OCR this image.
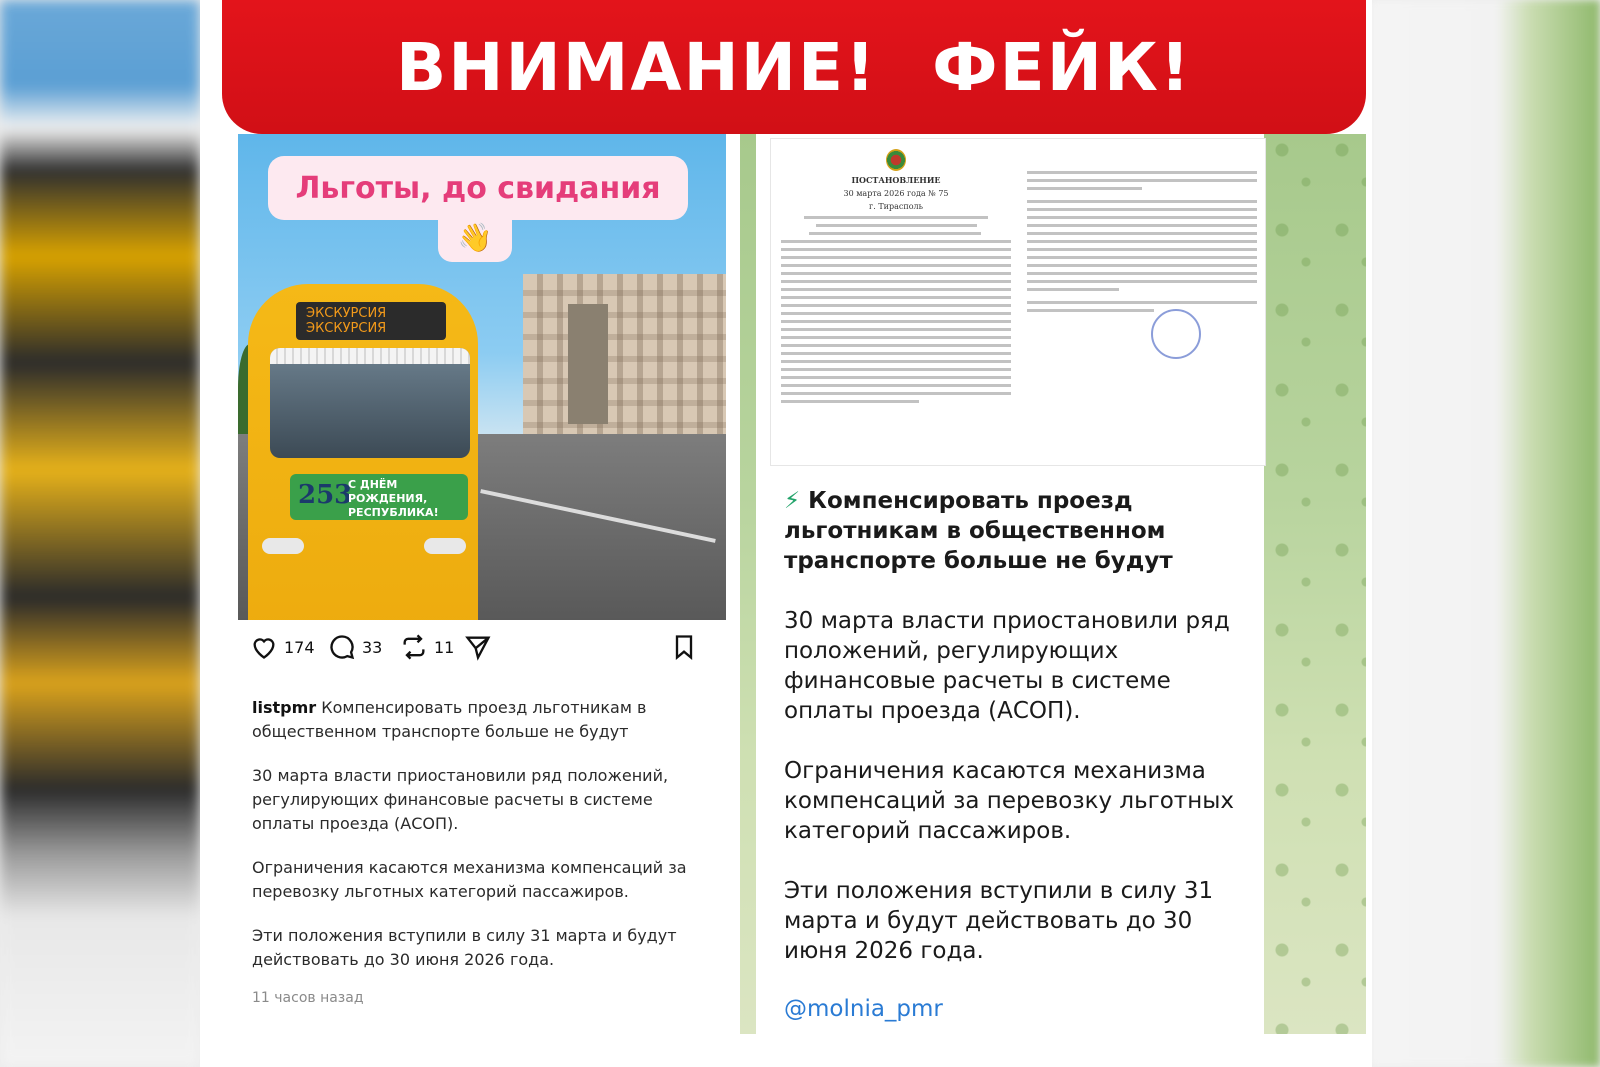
ВНИМАНИЕ! ФЕЙК!
ЭКСКУРСИЯ
ЭКСКУРСИЯ
253
С ДНЁМ РОЖДЕНИЯ, РЕСПУБЛИКА!
Льготы, до свидания
👋
174	33	11

listpmr Компенсировать проезд льготникам в общественном транспорте больше не будут

30 марта власти приостановили ряд положений, регулирующих финансовые расчеты в системе оплаты проезда (АСОП).

Ограничения касаются механизма компенсаций за перевозку льготных категорий пассажиров.

Эти положения вступили в силу 31 марта и будут действовать до 30 июня 2026 года.

11 часов назад
ПОСТАНОВЛЕНИЕ
30 марта 2026 года № 75
г. Тирасполь
⚡ Компенсировать проезд льготникам в общественном транспорте больше не будут
30 марта власти приостановили ряд положений, регулирующих финансовые расчеты в системе оплаты проезда (АСОП).
Ограничения касаются механизма компенсаций за перевозку льготных категорий пассажиров.
Эти положения вступили в силу 31 марта и будут действовать до 30 июня 2026 года.
@molnia_pmr
